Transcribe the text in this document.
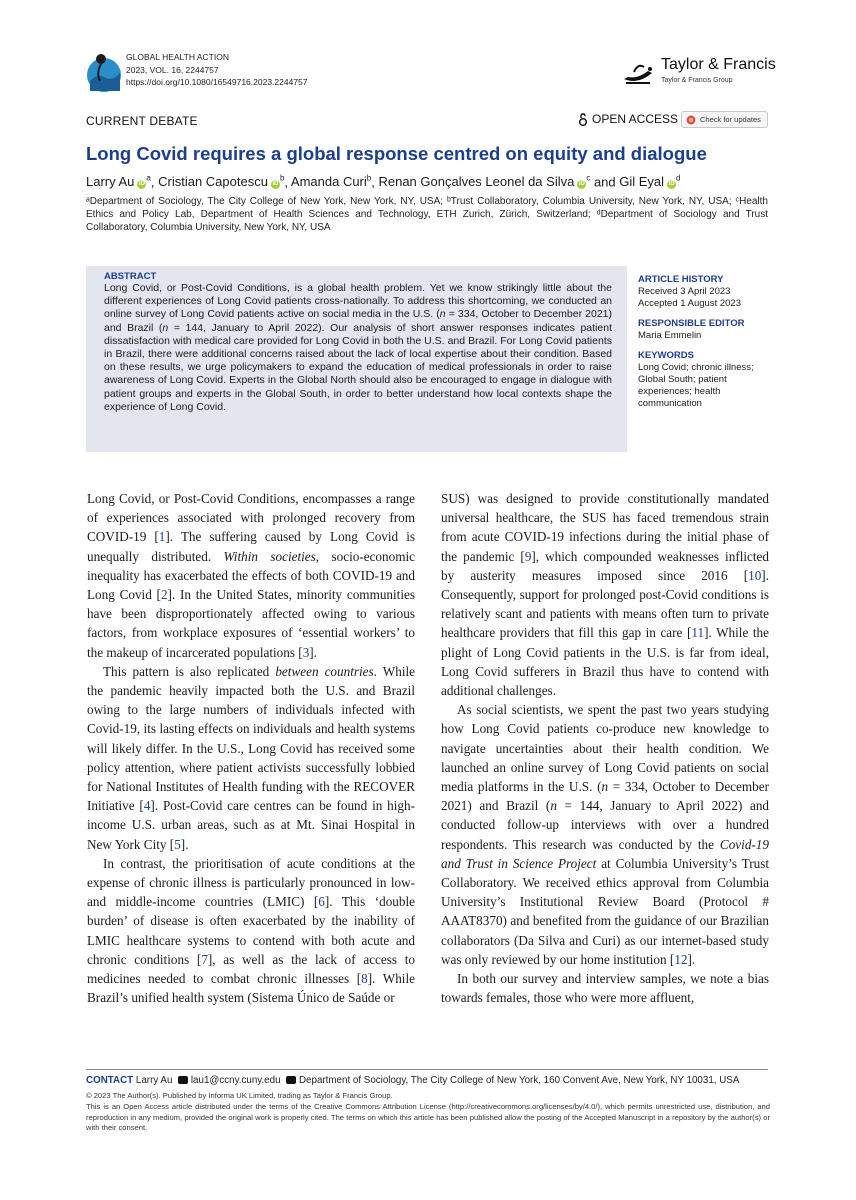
GLOBAL HEALTH ACTION
2023, VOL. 16, 2244757
https://doi.org/10.1080/16549716.2023.2244757
Taylor & Francis
Taylor & Francis Group
CURRENT DEBATE	OPEN ACCESS	Check for updates
Long Covid requires a global response centred on equity and dialogue
Larry Au $iD^a$, Cristian Capotescu $iD^b$, Amanda Curi$^b$, Renan Gonçalves Leonel da Silva $iD^c$ and Gil Eyal $iD^d$
ᵃDepartment of Sociology, The City College of New York, New York, NY, USA; ᵇTrust Collaboratory, Columbia University, New York, NY, USA; ᶜHealth Ethics and Policy Lab, Department of Health Sciences and Technology, ETH Zurich, Zürich, Switzerland; ᵈDepartment of Sociology and Trust Collaboratory, Columbia University, New York, NY, USA
ABSTRACT
Long Covid, or Post-Covid Conditions, is a global health problem. Yet we know strikingly little about the different experiences of Long Covid patients cross-nationally. To address this shortcoming, we conducted an online survey of Long Covid patients active on social media in the U.S. (n = 334, October to December 2021) and Brazil (n = 144, January to April 2022). Our analysis of short answer responses indicates patient dissatisfaction with medical care provided for Long Covid in both the U.S. and Brazil. For Long Covid patients in Brazil, there were additional concerns raised about the lack of local expertise about their condition. Based on these results, we urge policymakers to expand the education of medical professionals in order to raise awareness of Long Covid. Experts in the Global North should also be encouraged to engage in dialogue with patient groups and experts in the Global South, in order to better understand how local contexts shape the experience of Long Covid.
ARTICLE HISTORY
Received 3 April 2023
Accepted 1 August 2023
RESPONSIBLE EDITOR
Maria Emmelin
KEYWORDS
Long Covid; chronic illness; Global South; patient experiences; health communication

Long Covid, or Post-Covid Conditions, encompasses a range of experiences associated with prolonged recovery from COVID-19 [1]. The suffering caused by Long Covid is unequally distributed. Within societies, socio-economic inequality has exacerbated the effects of both COVID-19 and Long Covid [2]. In the United States, minority communities have been disproportionately affected owing to various factors, from workplace exposures of ‘essential workers’ to the makeup of incarcerated populations [3].

This pattern is also replicated between countries. While the pandemic heavily impacted both the U.S. and Brazil owing to the large numbers of individuals infected with Covid-19, its lasting effects on individuals and health systems will likely differ. In the U.S., Long Covid has received some policy attention, where patient activists successfully lobbied for National Institutes of Health funding with the RECOVER Initiative [4]. Post-Covid care centres can be found in high-income U.S. urban areas, such as at Mt. Sinai Hospital in New York City [5].

In contrast, the prioritisation of acute conditions at the expense of chronic illness is particularly pronounced in low- and middle-income countries (LMIC) [6]. This ‘double burden’ of disease is often exacerbated by the inability of LMIC healthcare systems to contend with both acute and chronic conditions [7], as well as the lack of access to medicines needed to combat chronic illnesses [8]. While Brazil’s unified health system (Sistema Único de Saúde or

SUS) was designed to provide constitutionally mandated universal healthcare, the SUS has faced tremendous strain from acute COVID-19 infections during the initial phase of the pandemic [9], which compounded weaknesses inflicted by austerity measures imposed since 2016 [10]. Consequently, support for prolonged post-Covid conditions is relatively scant and patients with means often turn to private healthcare providers that fill this gap in care [11]. While the plight of Long Covid patients in the U.S. is far from ideal, Long Covid sufferers in Brazil thus have to contend with additional challenges.

As social scientists, we spent the past two years studying how Long Covid patients co-produce new knowledge to navigate uncertainties about their health condition. We launched an online survey of Long Covid patients on social media platforms in the U.S. (n = 334, October to December 2021) and Brazil (n = 144, January to April 2022) and conducted follow-up interviews with over a hundred respondents. This research was conducted by the Covid-19 and Trust in Science Project at Columbia University’s Trust Collaboratory. We received ethics approval from Columbia University’s Institutional Review Board (Protocol # AAAT8370) and benefited from the guidance of our Brazilian collaborators (Da Silva and Curi) as our internet-based study was only reviewed by our home institution [12].

In both our survey and interview samples, we note a bias towards females, those who were more affluent,

CONTACT Larry Au lau1@ccny.cuny.edu Department of Sociology, The City College of New York, 160 Convent Ave, New York, NY 10031, USA
© 2023 The Author(s). Published by Informa UK Limited, trading as Taylor & Francis Group.
This is an Open Access article distributed under the terms of the Creative Commons Attribution License (http://creativecommons.org/licenses/by/4.0/), which permits unrestricted use, distribution, and reproduction in any medium, provided the original work is properly cited. The terms on which this article has been published allow the posting of the Accepted Manuscript in a repository by the author(s) or with their consent.
